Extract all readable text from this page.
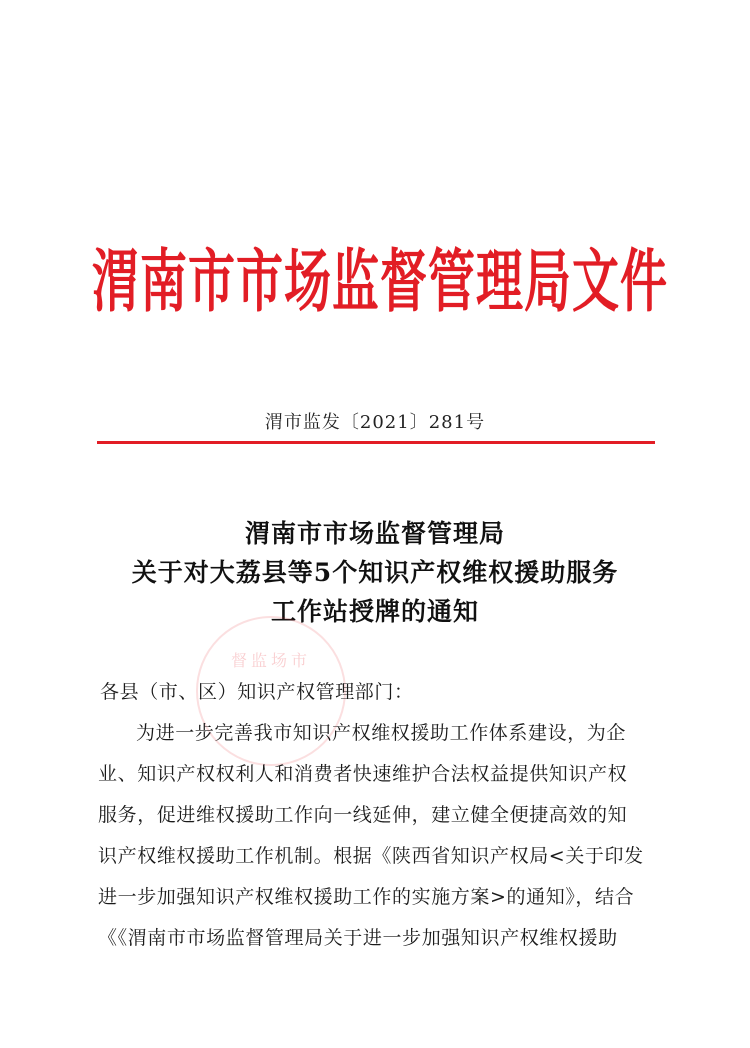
渭南市市场监督管理局文件
渭市监发〔2021〕281号
渭南市市场监督管理局
关于对大荔县等5个知识产权维权援助服务
工作站授牌的通知
督监场市
各县（市、区）知识产权管理部门：
为进一步完善我市知识产权维权援助工作体系建设，为企
业、知识产权权利人和消费者快速维护合法权益提供知识产权
服务，促进维权援助工作向一线延伸，建立健全便捷高效的知
识产权维权援助工作机制。根据《陕西省知识产权局<关于印发
进一步加强知识产权维权援助工作的实施方案>的通知》，结合
《《渭南市市场监督管理局关于进一步加强知识产权维权援助
